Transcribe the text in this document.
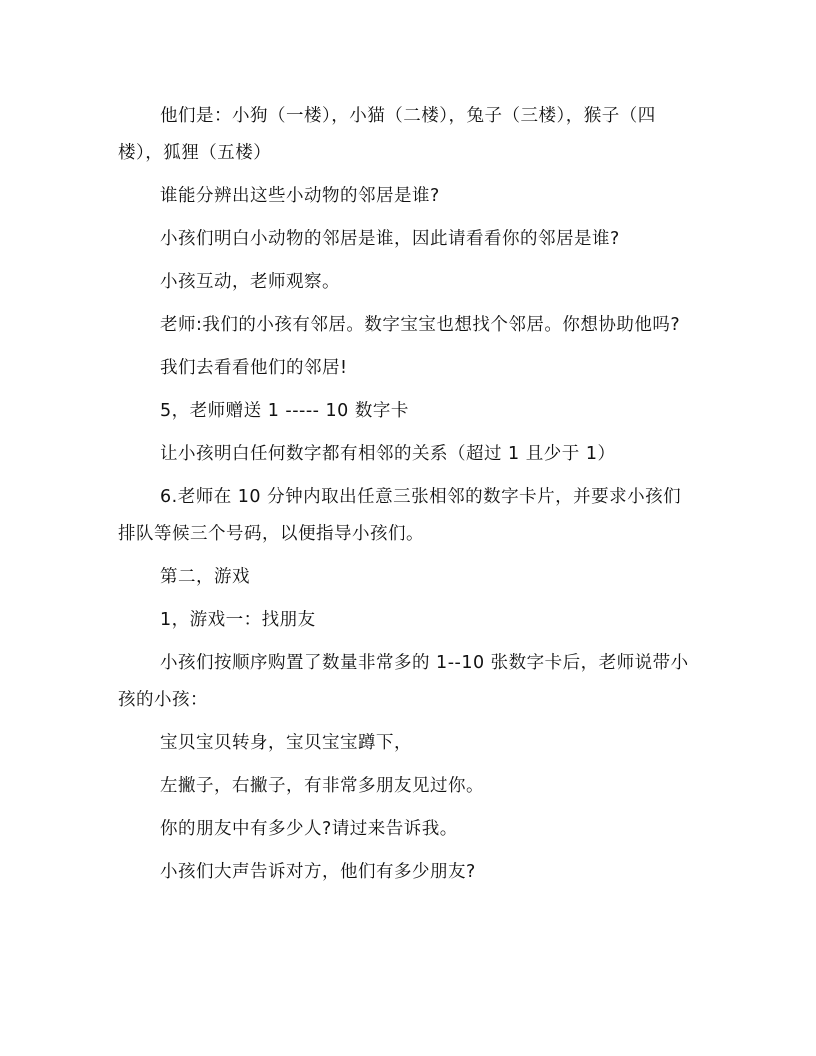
他们是：小狗（一楼），小猫（二楼），兔子（三楼），猴子（四楼），狐狸（五楼）

谁能分辨出这些小动物的邻居是谁?

小孩们明白小动物的邻居是谁，因此请看看你的邻居是谁?

小孩互动，老师观察。

老师:我们的小孩有邻居。数字宝宝也想找个邻居。你想协助他吗?

我们去看看他们的邻居!

5，老师赠送 1 ----- 10 数字卡

让小孩明白任何数字都有相邻的关系（超过 1 且少于 1）

6.老师在 10 分钟内取出任意三张相邻的数字卡片，并要求小孩们排队等候三个号码，以便指导小孩们。

第二，游戏

1，游戏一：找朋友

小孩们按顺序购置了数量非常多的 1--10 张数字卡后，老师说带小孩的小孩：

宝贝宝贝转身，宝贝宝宝蹲下，

左撇子，右撇子，有非常多朋友见过你。

你的朋友中有多少人?请过来告诉我。

小孩们大声告诉对方，他们有多少朋友?
